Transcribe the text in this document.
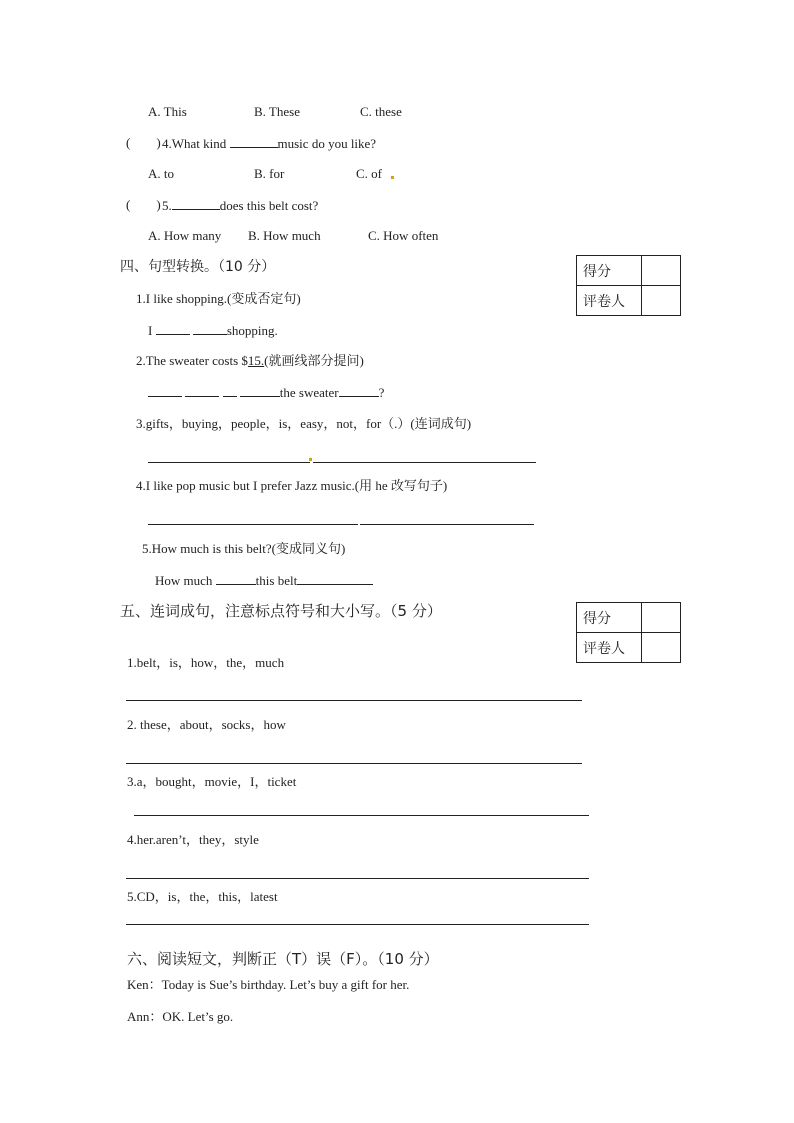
A. This	B. These	C. these
(        ) 4.What kind	music do you like?
A. to	B. for	C. of
(        ) 5.	does this belt cost?
A. How many B. How much	C. How often
四、句型转换。（10 分）	得分	
评卷人	
1.I like shopping.(变成否定句)
I	shopping.
2.The sweater costs $15.(就画线部分提问)
the sweater	?
3.gifts，buying，people，is，easy，not，for（.）(连词成句)
4.I like pop music but I prefer Jazz music.(用 he 改写句子)
5.How much is this belt?(变成同义句)
How much	this belt
五、连词成句，注意标点符号和大小写。（5 分）	得分	
评卷人	
1.belt，is，how，the，much
2. these，about，socks，how
3.a，bought，movie，I，ticket
4.her.aren’t，they，style
5.CD，is，the，this，latest
六、阅读短文，判断正（T）误（F）。（10 分）
Ken：Today is Sue’s birthday. Let’s buy a gift for her.
Ann：OK. Let’s go.
